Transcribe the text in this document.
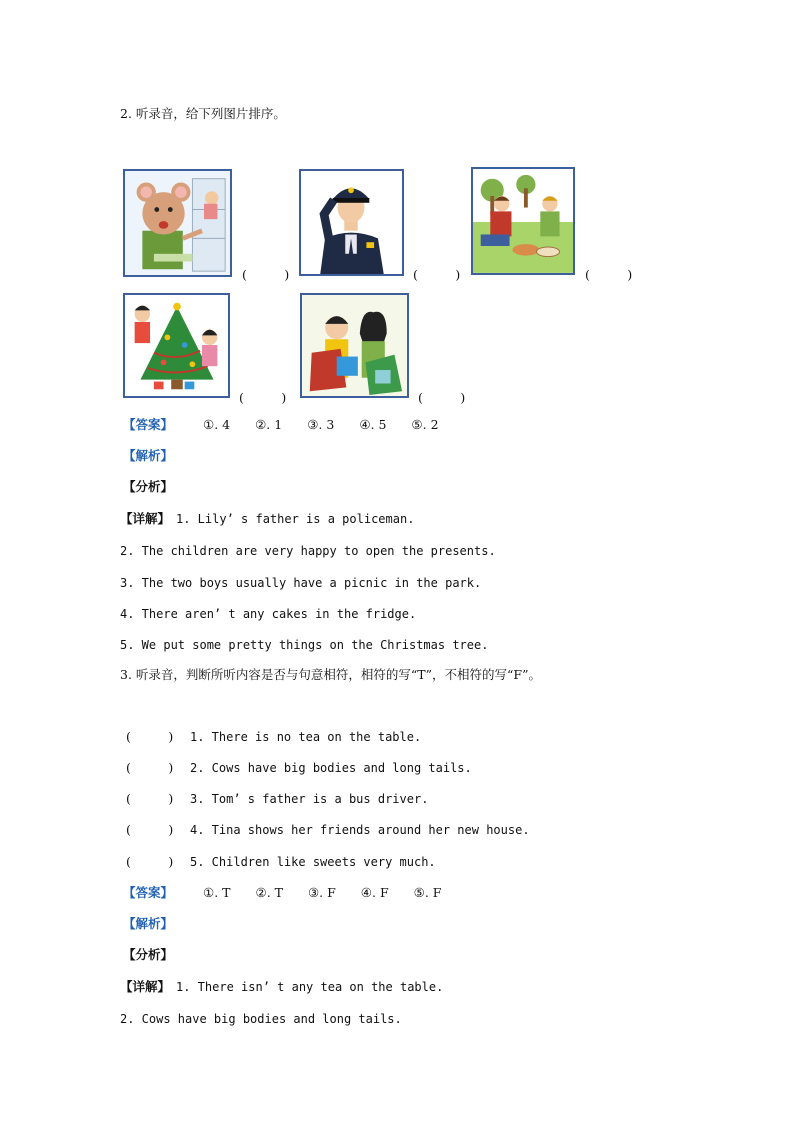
2. 听录音，给下列图片排序。
(　　　)	(　　　)	(　　　)
(　　　)	(　　　)
【答案】 ①. 4　　②. 1　　③. 3　　④. 5　　⑤. 2
【解析】
【分析】
【详解】 1. Lily’ s father is a policeman.
2. The children are very happy to open the presents.
3. The two boys usually have a picnic in the park.
4. There aren’ t any cakes in the fridge.
5. We put some pretty things on the Christmas tree.
3. 听录音，判断所听内容是否与句意相符，相符的写“T”，不相符的写“F”。
(　　　) 1. There is no tea on the table.
(　　　) 2. Cows have big bodies and long tails.
(　　　) 3. Tom’ s father is a bus driver.
(　　　) 4. Tina shows her friends around her new house.
(　　　) 5. Children like sweets very much.
【答案】 ①. T　　②. T　　③. F　　④. F　　⑤. F
【解析】
【分析】
【详解】 1. There isn’ t any tea on the table.
2. Cows have big bodies and long tails.
